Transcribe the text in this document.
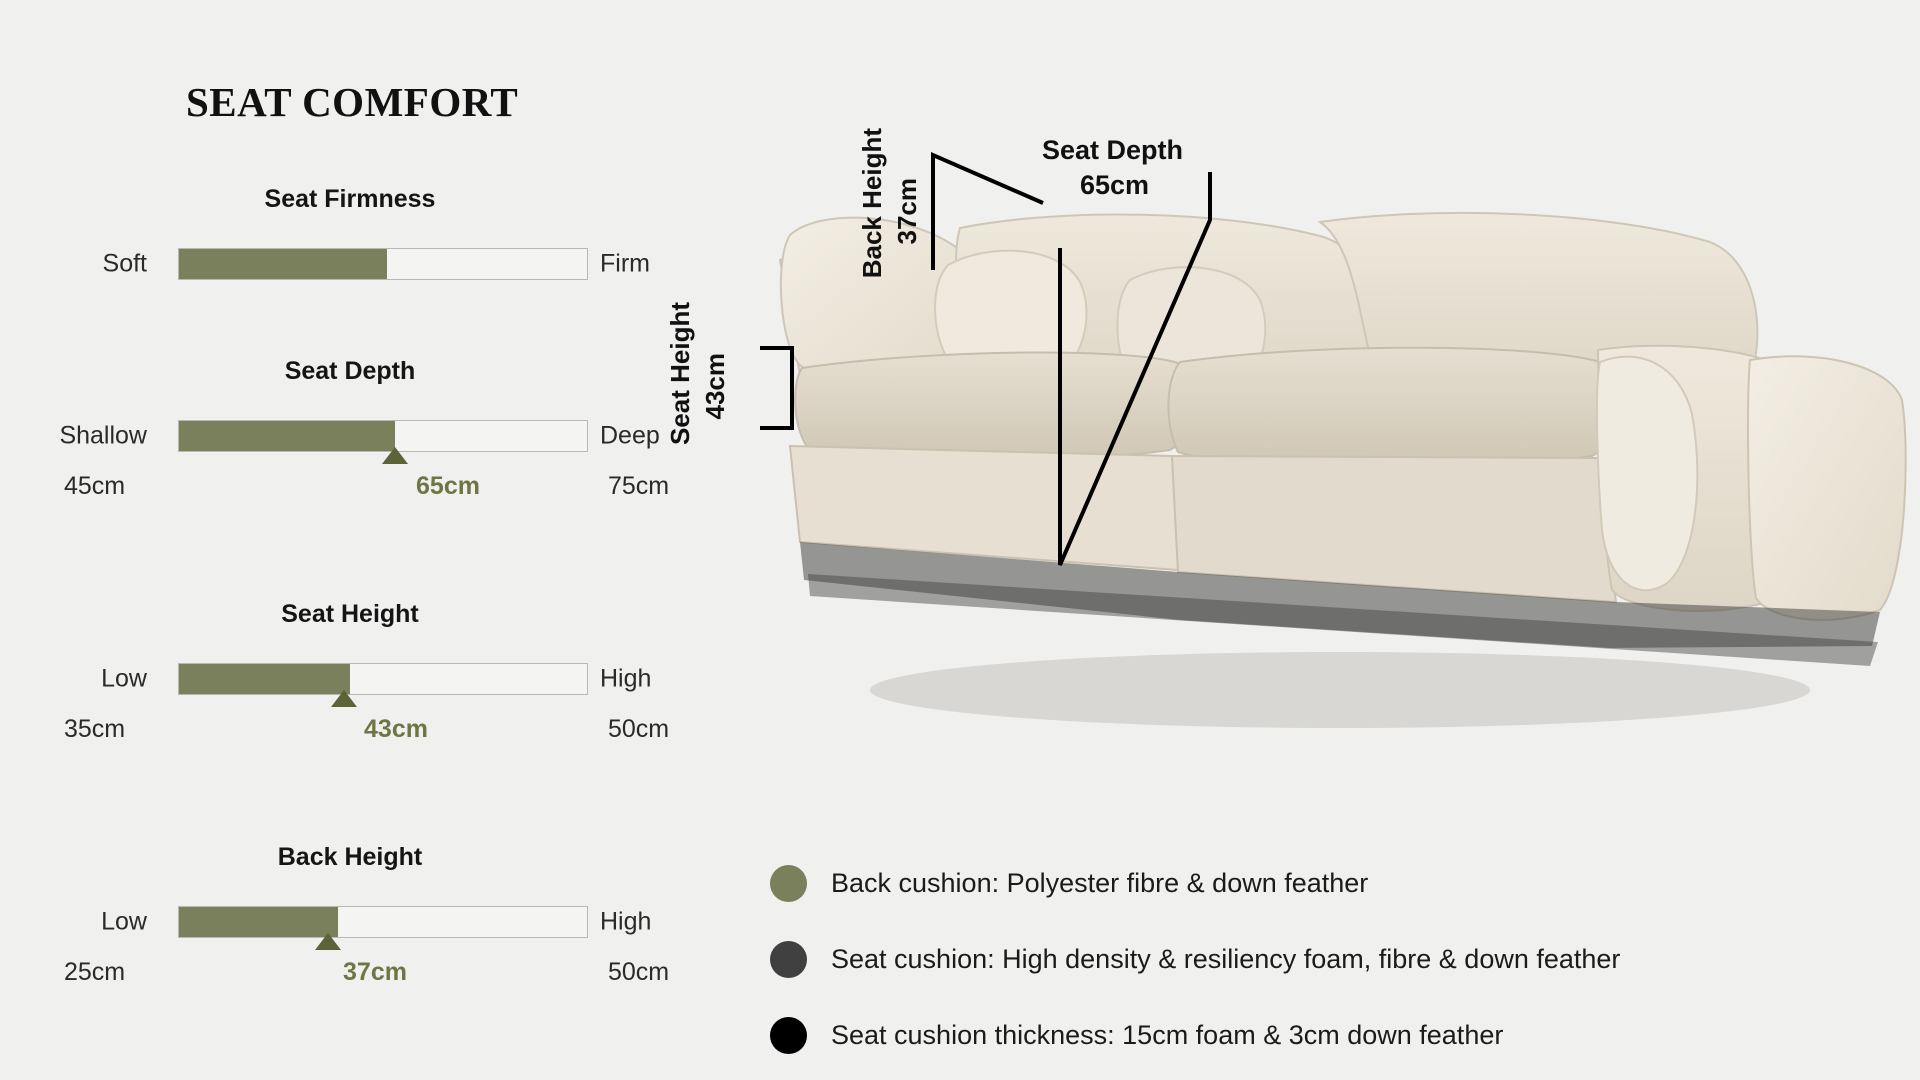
SEAT COMFORT
Seat Firmness
Soft	Firm
Seat Depth
Shallow	Deep
45cm	65cm	75cm
Seat Height
Low	High
35cm	43cm	50cm
Back Height
Low	High
25cm	37cm	50cm
Back Height 37cm
Seat Depth
65cm
Seat Height 43cm
Back cushion: Polyester fibre & down feather
Seat cushion: High density & resiliency foam, fibre & down feather
Seat cushion thickness: 15cm foam & 3cm down feather
